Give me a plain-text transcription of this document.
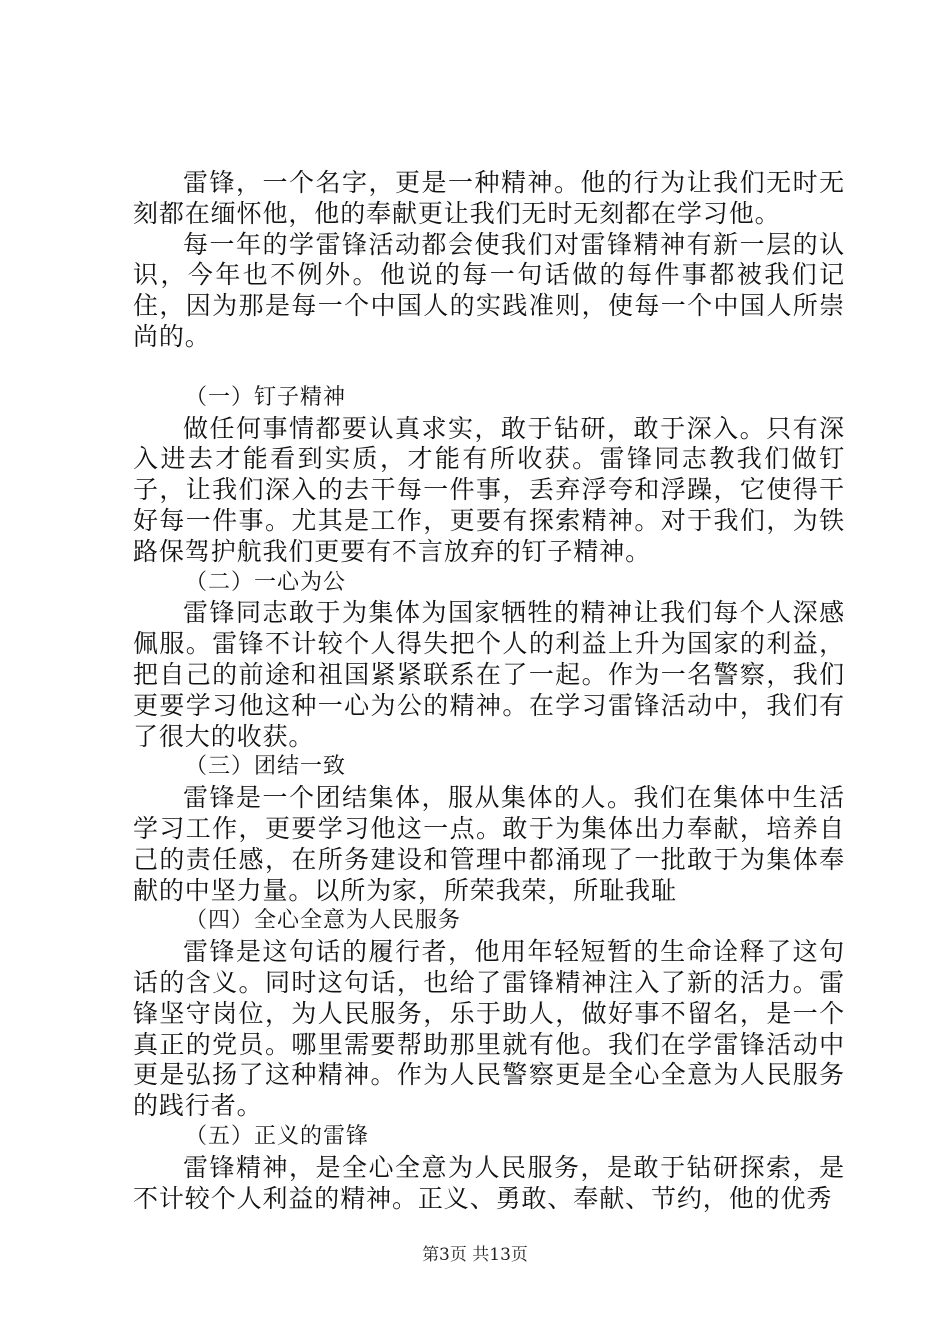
雷锋，一个名字，更是一种精神。他的行为让我们无时无刻都在缅怀他，他的奉献更让我们无时无刻都在学习他。

每一年的学雷锋活动都会使我们对雷锋精神有新一层的认识，今年也不例外。他说的每一句话做的每件事都被我们记住，因为那是每一个中国人的实践准则，使每一个中国人所崇尚的。

（一）钉子精神

做任何事情都要认真求实，敢于钻研，敢于深入。只有深入进去才能看到实质，才能有所收获。雷锋同志教我们做钉子，让我们深入的去干每一件事，丢弃浮夸和浮躁，它使得干好每一件事。尤其是工作，更要有探索精神。对于我们，为铁路保驾护航我们更要有不言放弃的钉子精神。

（二）一心为公

雷锋同志敢于为集体为国家牺牲的精神让我们每个人深感佩服。雷锋不计较个人得失把个人的利益上升为国家的利益，把自己的前途和祖国紧紧联系在了一起。作为一名警察，我们更要学习他这种一心为公的精神。在学习雷锋活动中，我们有了很大的收获。

（三）团结一致

雷锋是一个团结集体，服从集体的人。我们在集体中生活学习工作，更要学习他这一点。敢于为集体出力奉献，培养自己的责任感，在所务建设和管理中都涌现了一批敢于为集体奉献的中坚力量。以所为家，所荣我荣，所耻我耻

（四）全心全意为人民服务

雷锋是这句话的履行者，他用年轻短暂的生命诠释了这句话的含义。同时这句话，也给了雷锋精神注入了新的活力。雷锋坚守岗位，为人民服务，乐于助人，做好事不留名，是一个真正的党员。哪里需要帮助那里就有他。我们在学雷锋活动中更是弘扬了这种精神。作为人民警察更是全心全意为人民服务的践行者。

（五）正义的雷锋

雷锋精神，是全心全意为人民服务，是敢于钻研探索，是不计较个人利益的精神。正义、勇敢、奉献、节约，他的优秀

第3页 共13页
